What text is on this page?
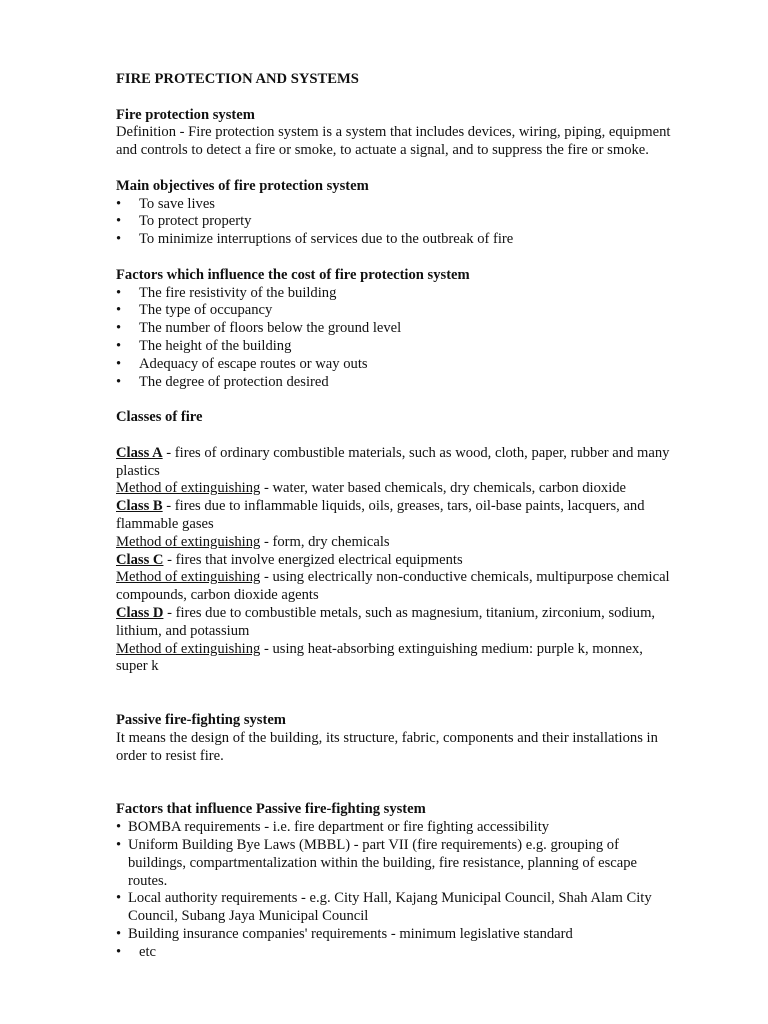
FIRE PROTECTION AND SYSTEMS

Fire protection system

Definition - Fire protection system is a system that includes devices, wiring, piping, equipment and controls to detect a fire or smoke, to actuate a signal, and to suppress the fire or smoke.

Main objectives of fire protection system

• To save lives
• To protect property
• To minimize interruptions of services due to the outbreak of fire

Factors which influence the cost of fire protection system

• The fire resistivity of the building
• The type of occupancy
• The number of floors below the ground level
• The height of the building
• Adequacy of escape routes or way outs
• The degree of protection desired

Classes of fire

Class A - fires of ordinary combustible materials, such as wood, cloth, paper, rubber and many plastics

Method of extinguishing - water, water based chemicals, dry chemicals, carbon dioxide

Class B - fires due to inflammable liquids, oils, greases, tars, oil-base paints, lacquers, and flammable gases

Method of extinguishing - form, dry chemicals

Class C - fires that involve energized electrical equipments

Method of extinguishing - using electrically non-conductive chemicals, multipurpose chemical compounds, carbon dioxide agents

Class D - fires due to combustible metals, such as magnesium, titanium, zirconium, sodium, lithium, and potassium

Method of extinguishing - using heat-absorbing extinguishing medium: purple k, monnex, super k

Passive fire-fighting system

It means the design of the building, its structure, fabric, components and their installations in order to resist fire.

Factors that influence Passive fire-fighting system

• BOMBA requirements - i.e. fire department or fire fighting accessibility
• Uniform Building Bye Laws (MBBL) - part VII (fire requirements) e.g. grouping of buildings, compartmentalization within the building, fire resistance, planning of escape routes.
• Local authority requirements - e.g. City Hall, Kajang Municipal Council, Shah Alam City Council, Subang Jaya Municipal Council
• Building insurance companies' requirements - minimum legislative standard
• etc
